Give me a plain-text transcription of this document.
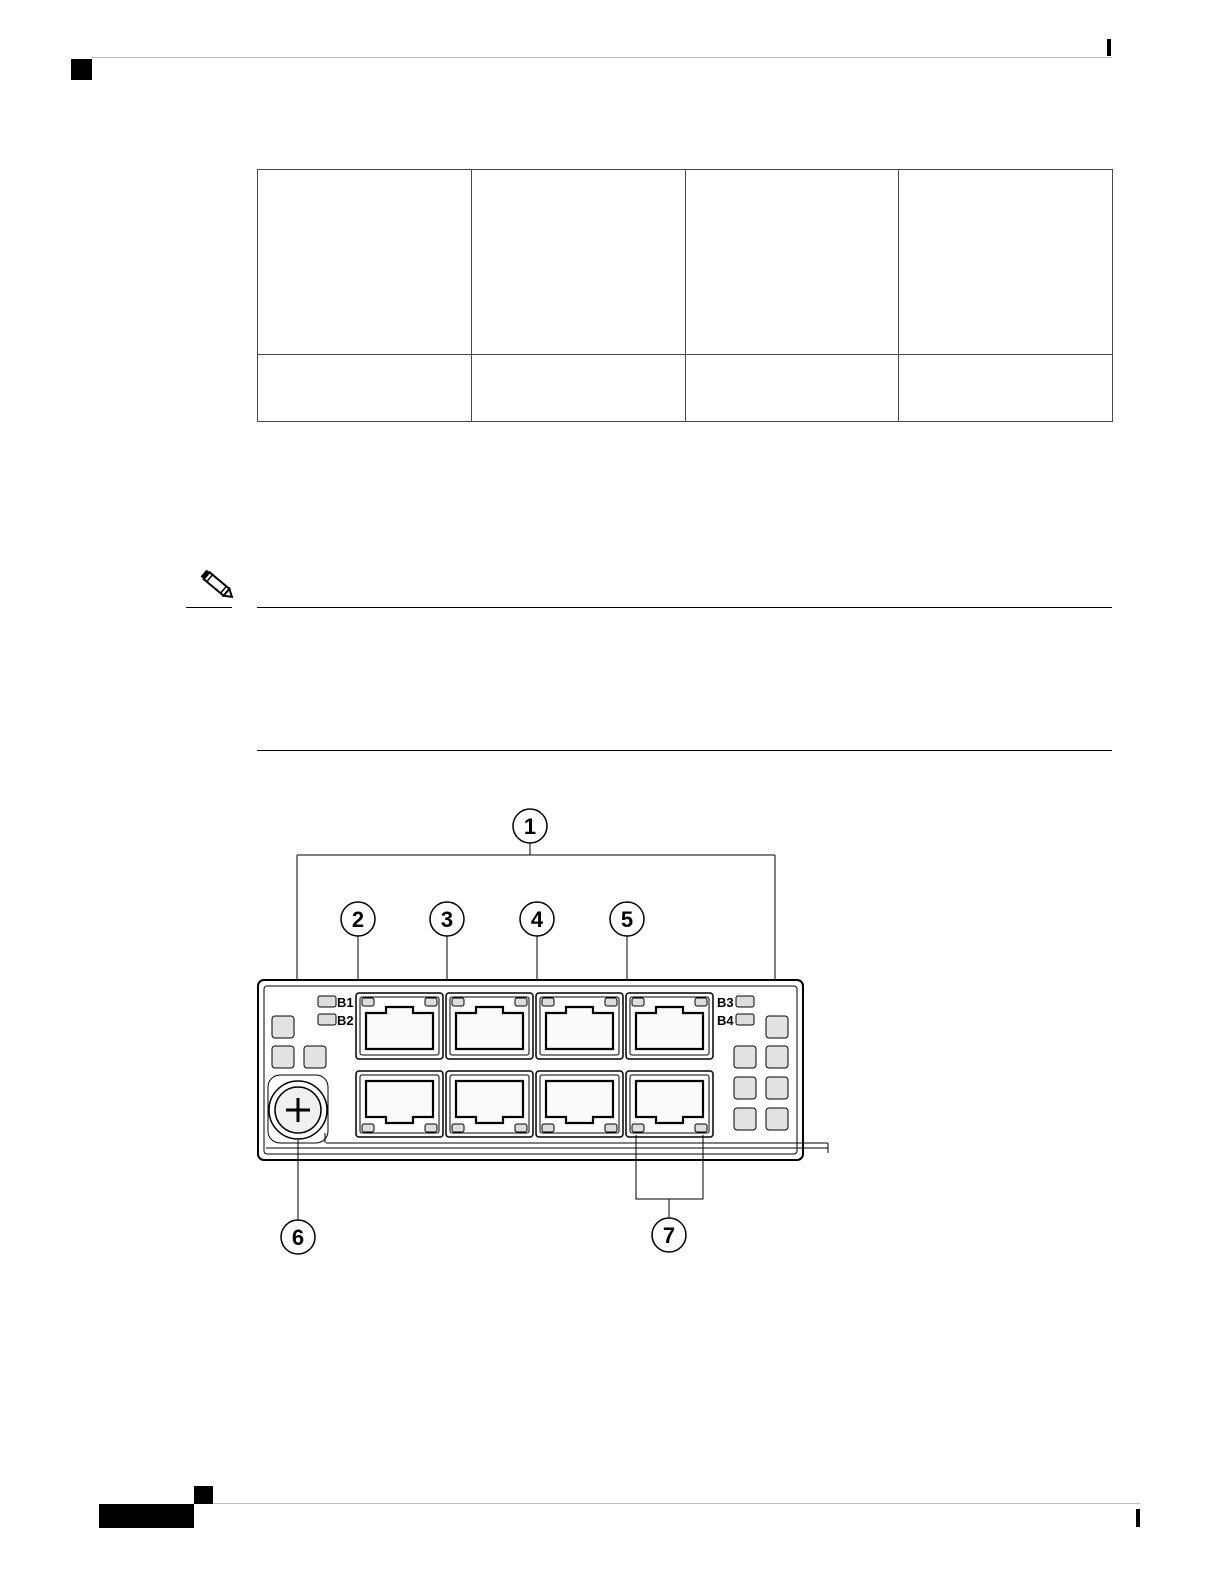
1
2	3	4	5
B1
B2
B3
B4
6	7
